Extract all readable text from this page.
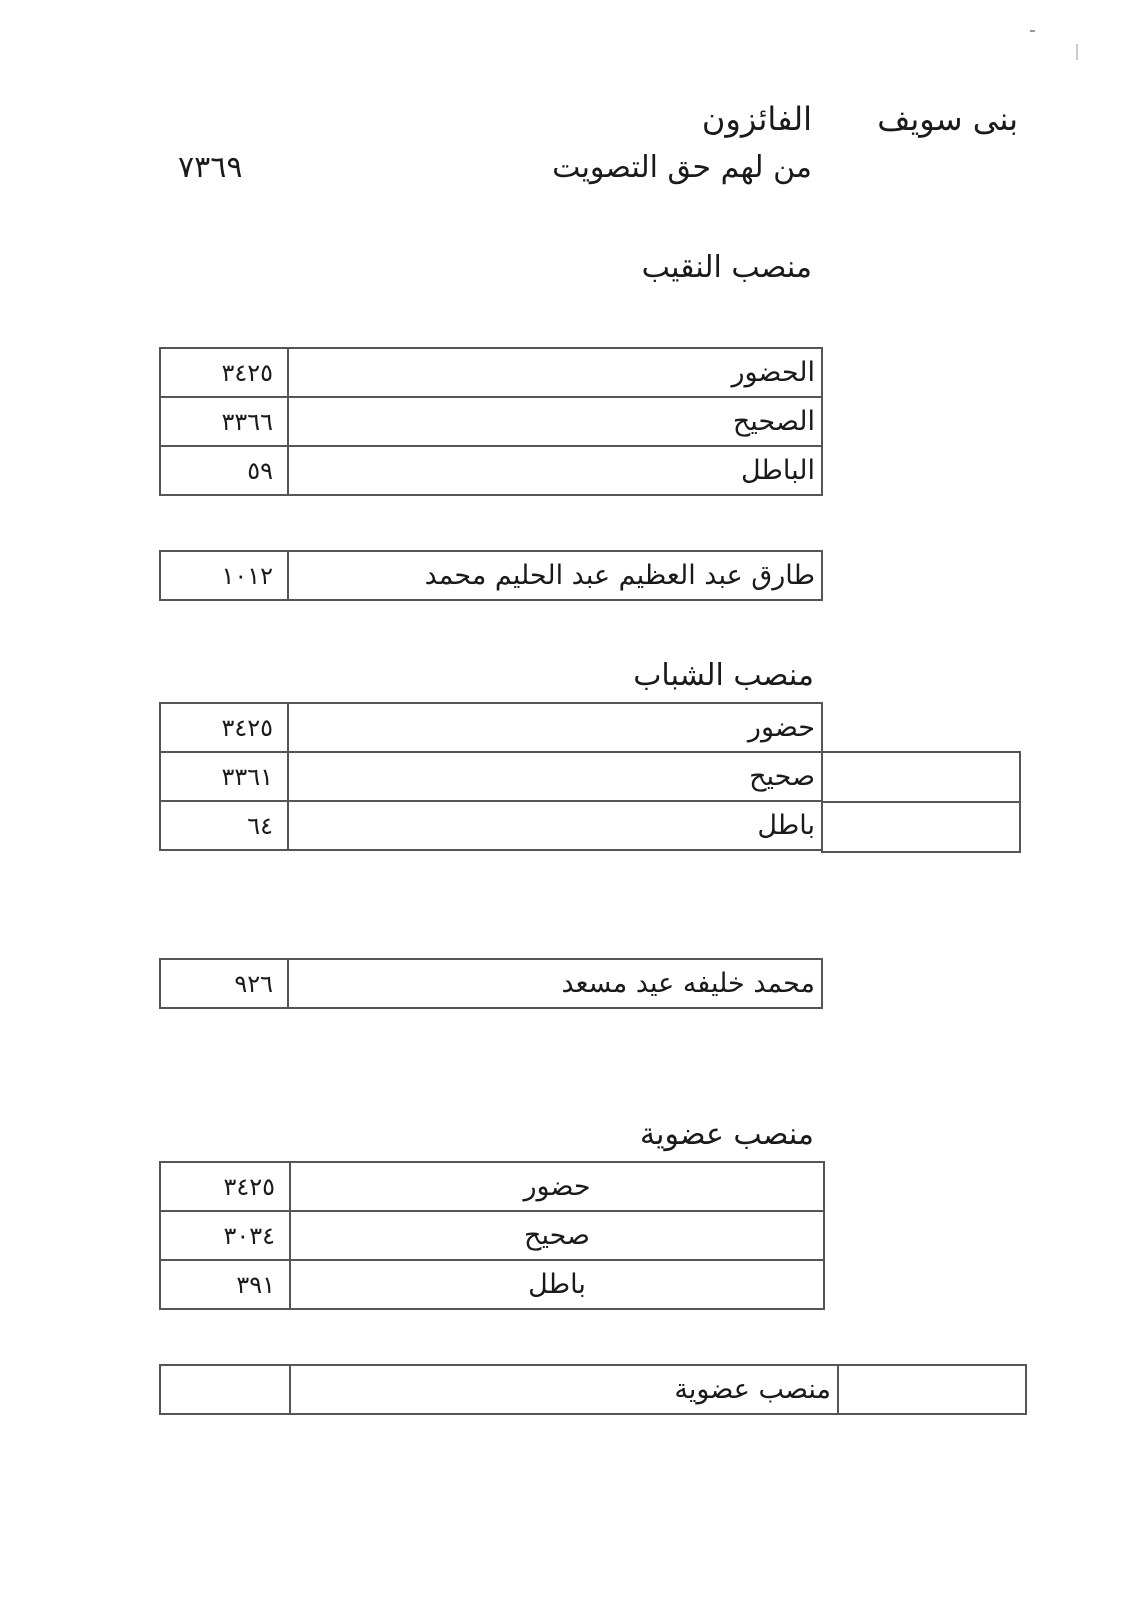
بنى سويف
الفائزون
من لهم حق التصويت
٧٣٦٩
منصب النقيب
٣٤٢٥	الحضور
٣٣٦٦	الصحيح
٥٩	الباطل
١٠١٢	طارق عبد العظيم عبد الحليم محمد
منصب الشباب
٣٤٢٥	حضور
٣٣٦١	صحيح
٦٤	باطل
٩٢٦	محمد خليفه عيد مسعد
منصب عضوية
٣٤٢٥	حضور
٣٠٣٤	صحيح
٣٩١	باطل
	منصب عضوية	
